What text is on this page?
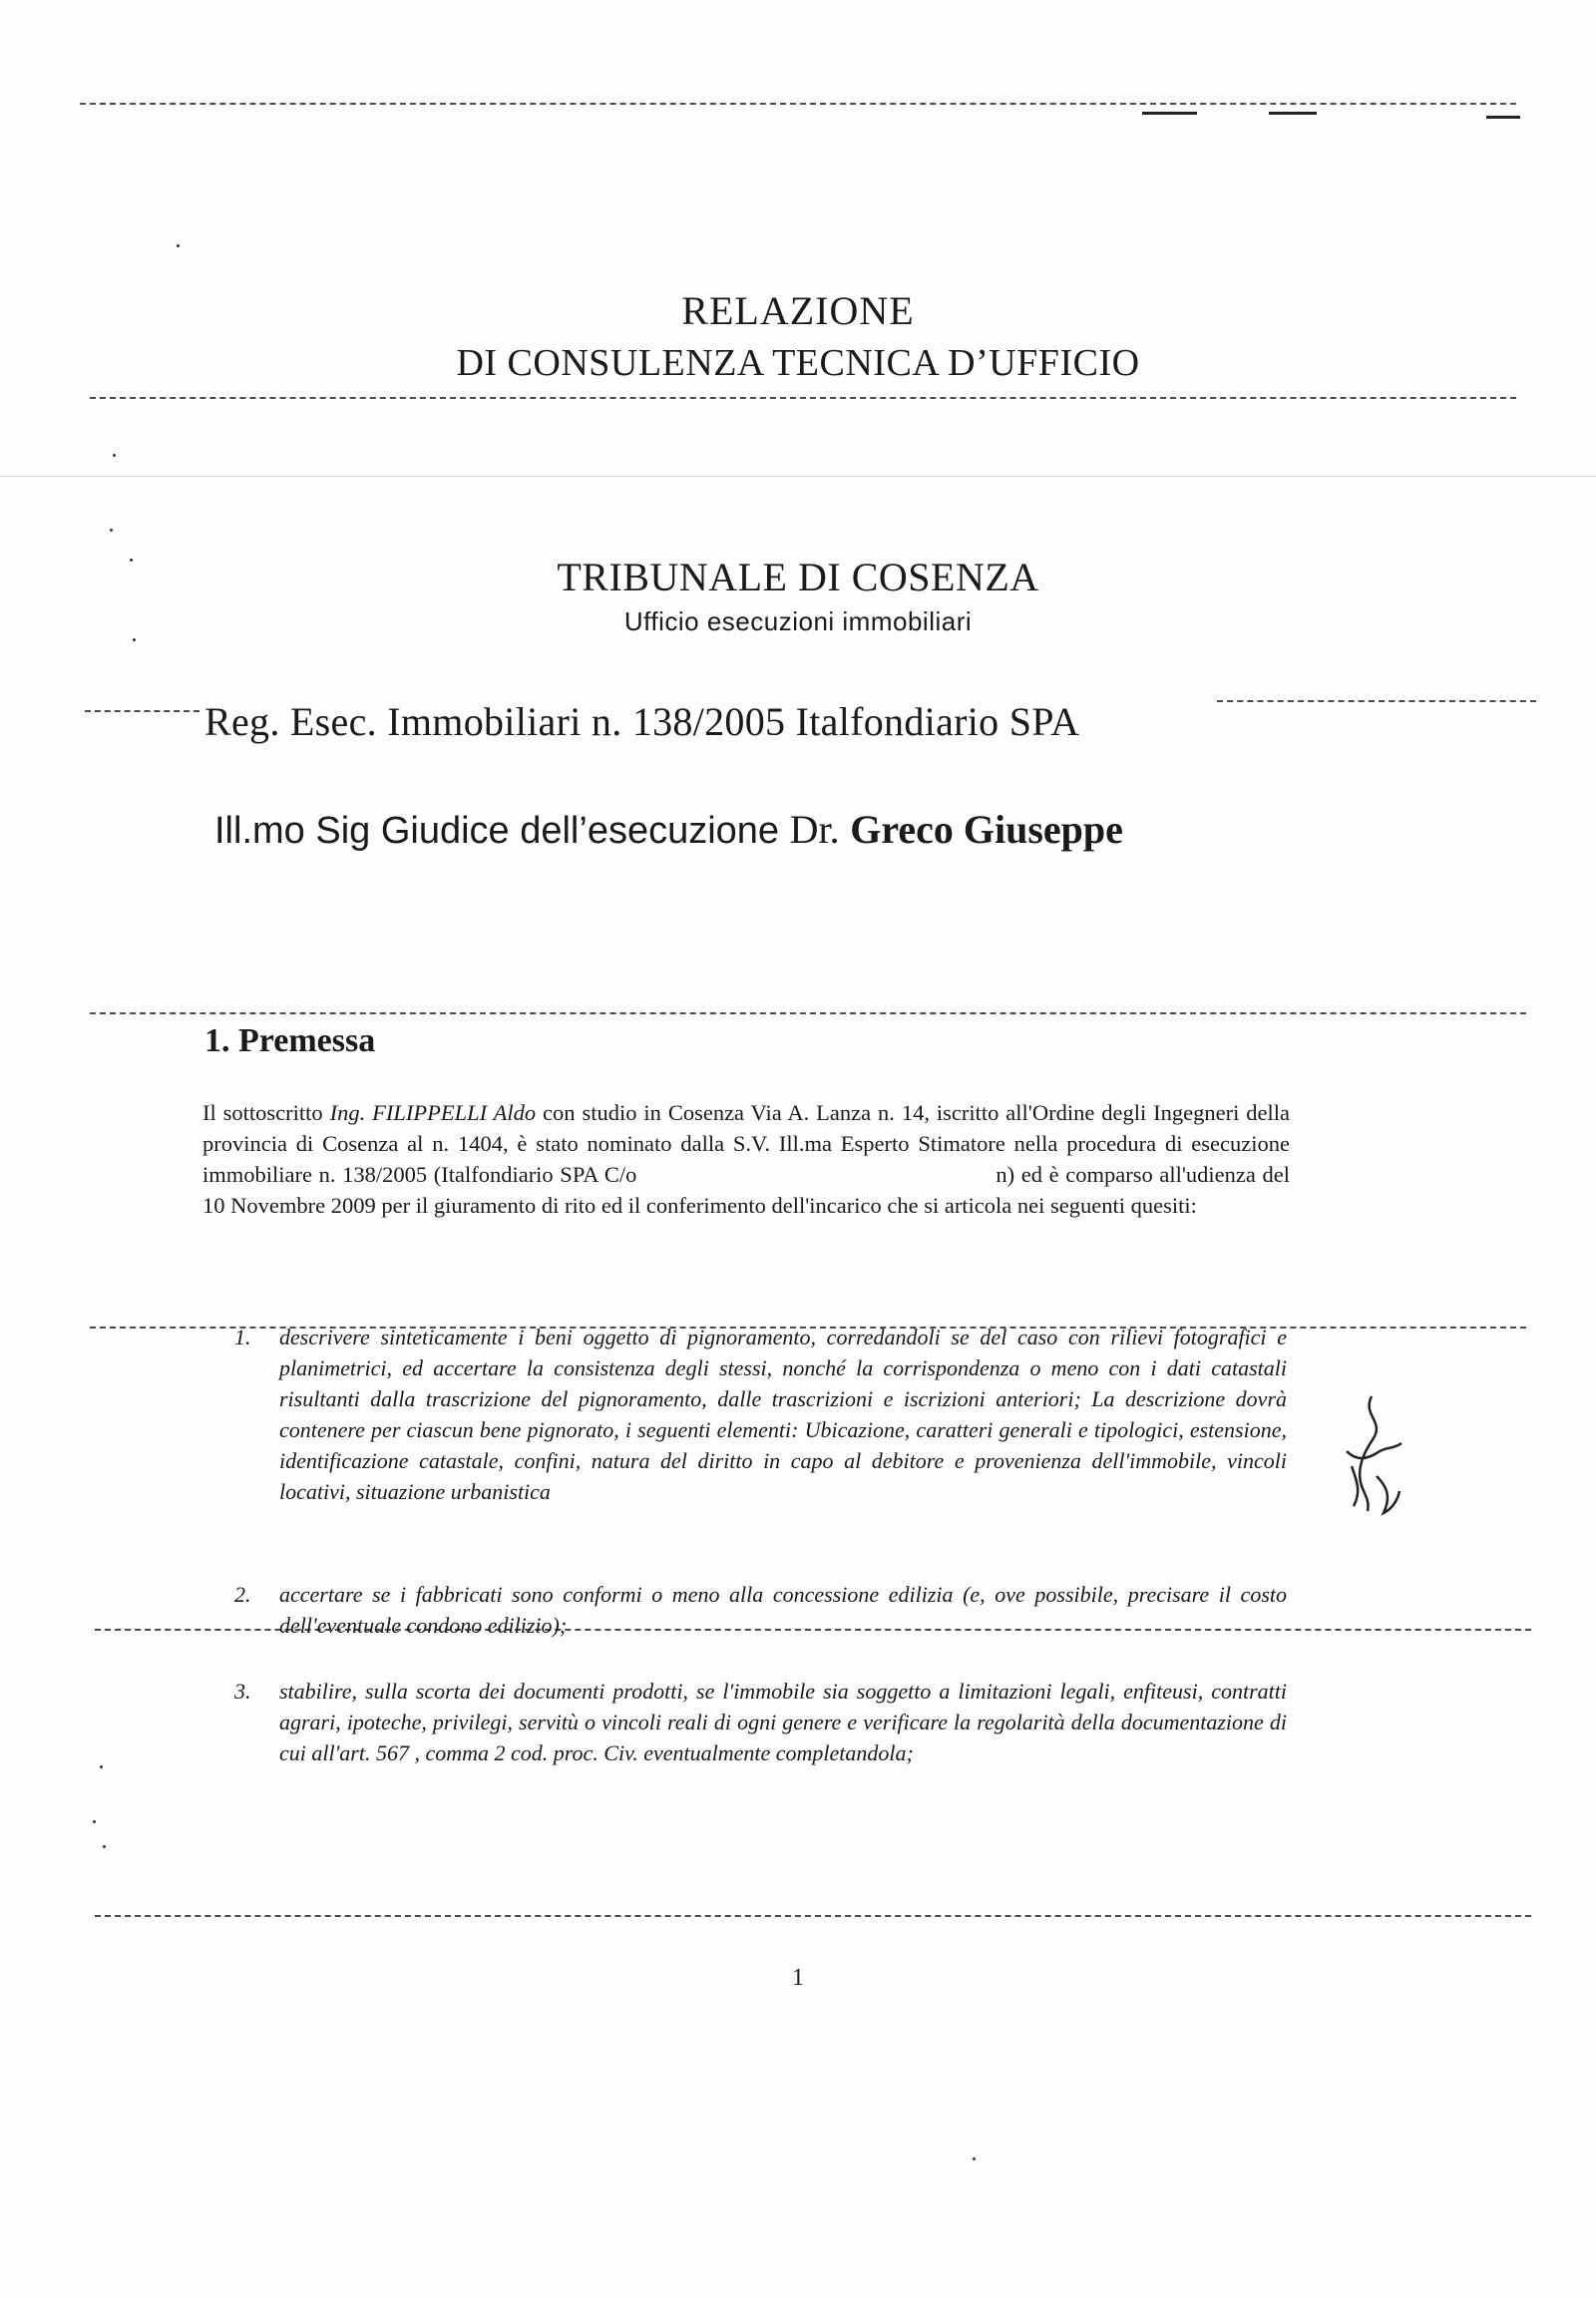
RELAZIONE
DI CONSULENZA TECNICA D’UFFICIO
TRIBUNALE DI COSENZA
Ufficio esecuzioni immobiliari
Reg. Esec. Immobiliari n. 138/2005 Italfondiario SPA
Ill.mo Sig Giudice dell’esecuzione Dr. Greco Giuseppe
1. Premessa
Il sottoscritto Ing. FILIPPELLI Aldo con studio in Cosenza Via A. Lanza n. 14, iscritto all'Ordine degli Ingegneri della provincia di Cosenza al n. 1404, è stato nominato dalla S.V. Ill.ma Esperto Stimatore nella procedura di esecuzione immobiliare n. 138/2005 (Italfondiario SPA C/o	n) ed è comparso all'udienza del 10 Novembre 2009 per il giuramento di rito ed il conferimento dell'incarico che si articola nei seguenti quesiti:
1.	descrivere sinteticamente i beni oggetto di pignoramento, corredandoli se del caso con rilievi fotografici e planimetrici, ed accertare la consistenza degli stessi, nonché la corrispondenza o meno con i dati catastali risultanti dalla trascrizione del pignoramento, dalle trascrizioni e iscrizioni anteriori; La descrizione dovrà contenere per ciascun bene pignorato, i seguenti elementi: Ubicazione, caratteri generali e tipologici, estensione, identificazione catastale, confini, natura del diritto in capo al debitore e provenienza dell'immobile, vincoli locativi, situazione urbanistica
2.	accertare se i fabbricati sono conformi o meno alla concessione edilizia (e, ove possibile, precisare il costo dell'eventuale condono edilizio);
3.	stabilire, sulla scorta dei documenti prodotti, se l'immobile sia soggetto a limitazioni legali, enfiteusi, contratti agrari, ipoteche, privilegi, servitù o vincoli reali di ogni genere e verificare la regolarità della documentazione di cui all'art. 567 , comma 2 cod. proc. Civ. eventualmente completandola;
1
